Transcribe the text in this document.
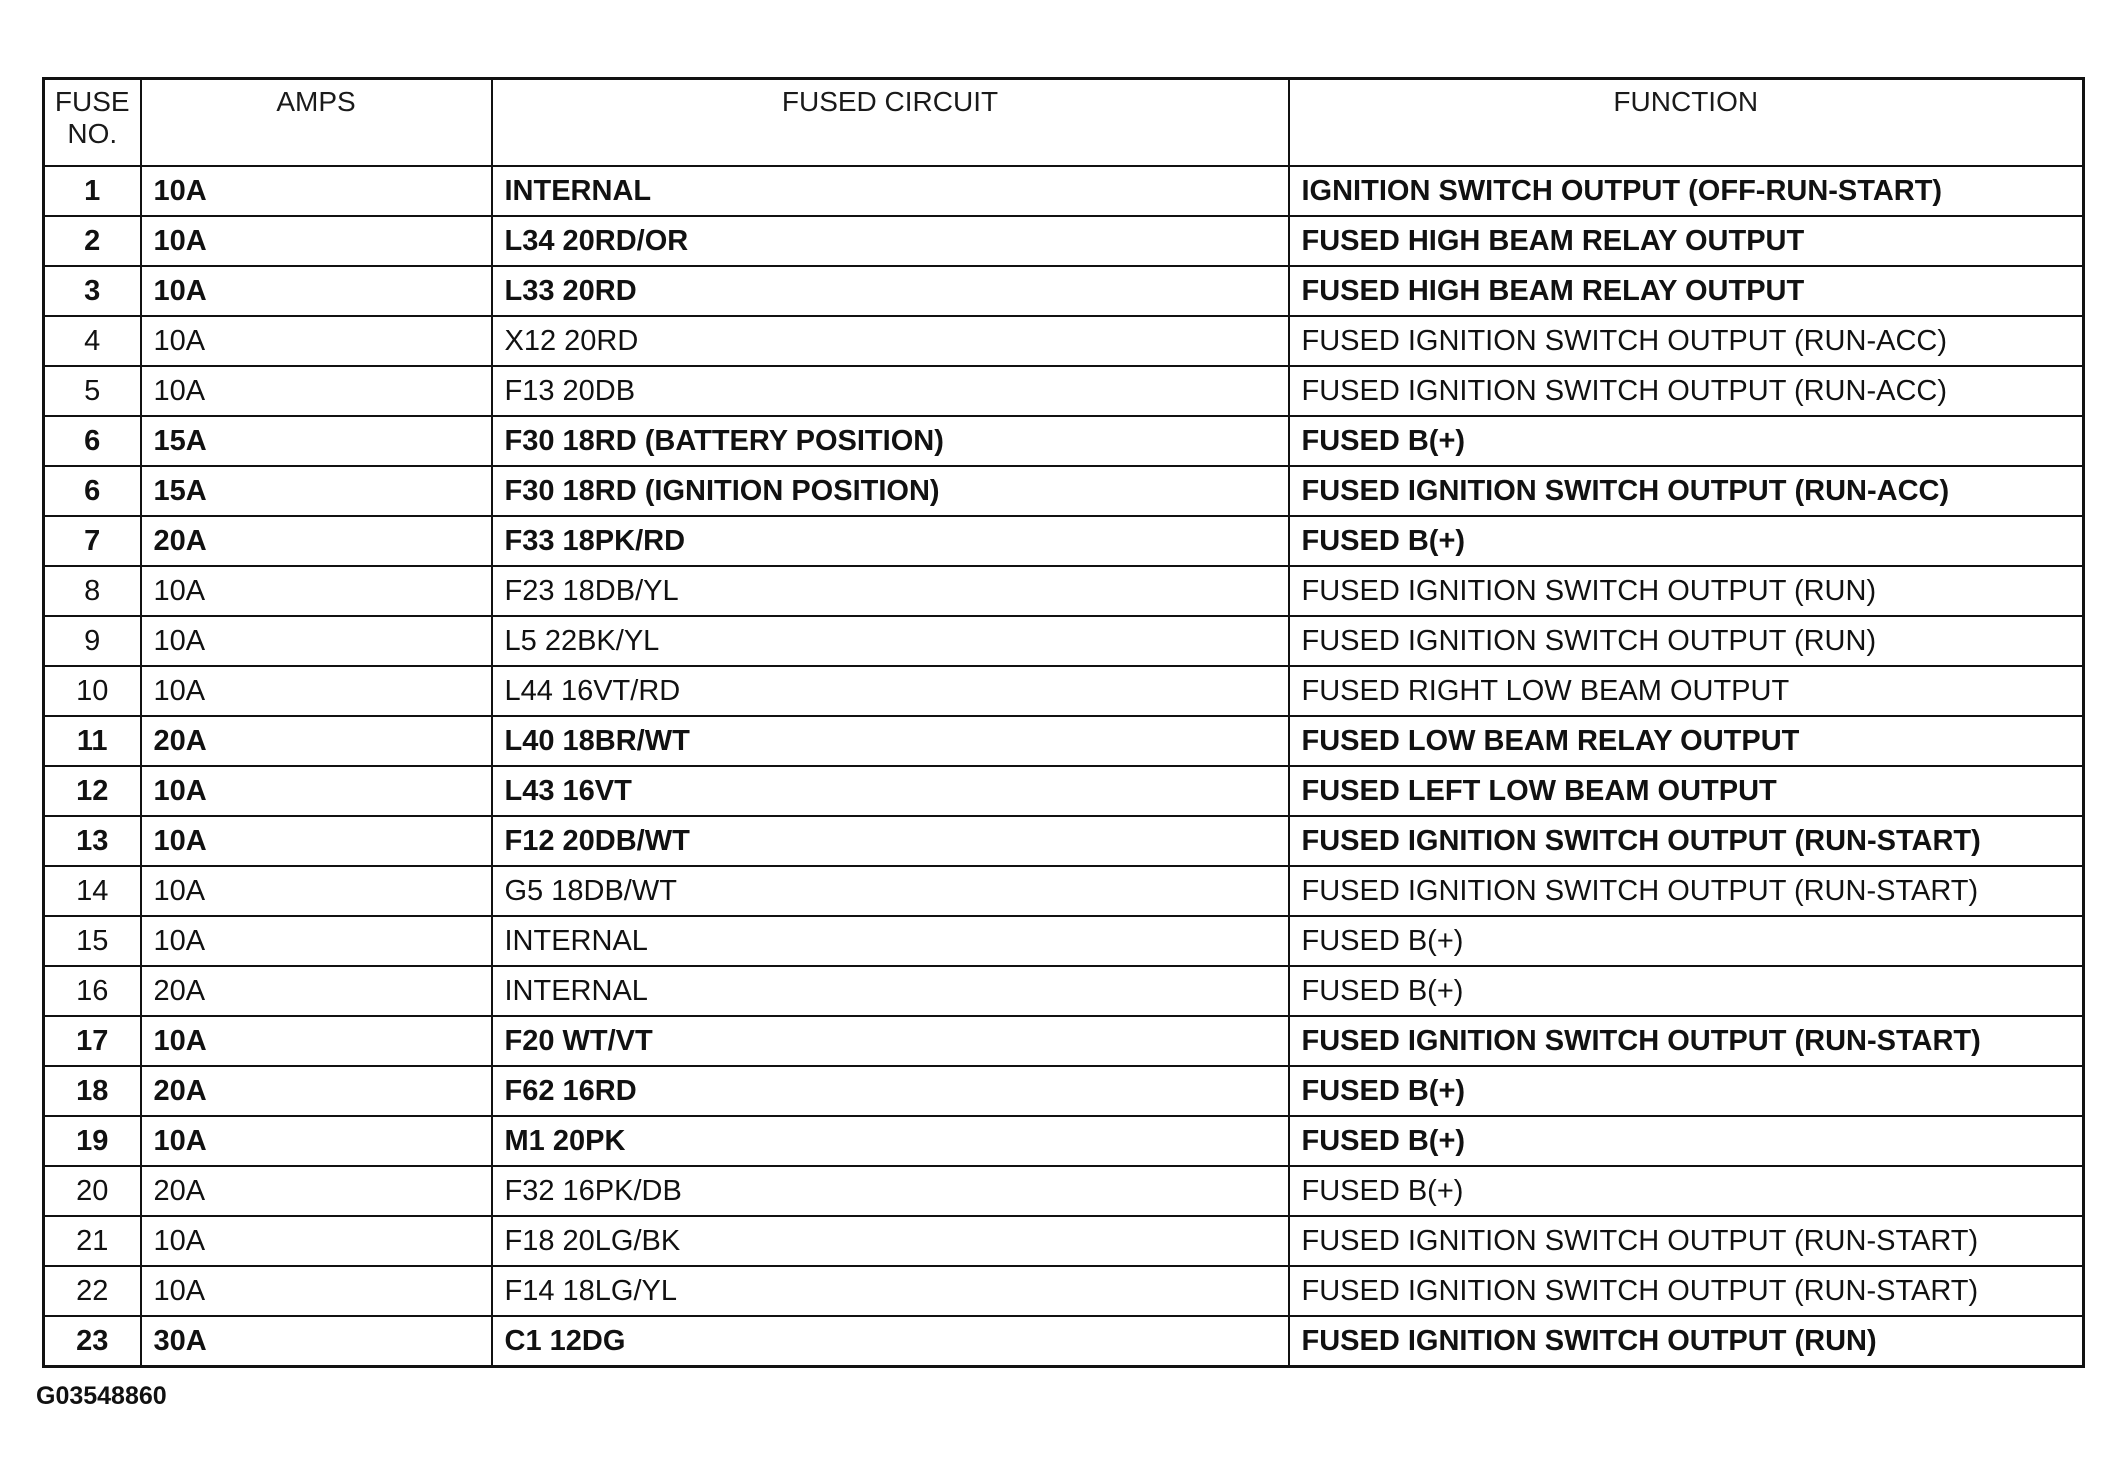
FUSE
NO.	AMPS	FUSED CIRCUIT	FUNCTION
1	10A	INTERNAL	IGNITION SWITCH OUTPUT (OFF-RUN-START)
2	10A	L34 20RD/OR	FUSED HIGH BEAM RELAY OUTPUT
3	10A	L33 20RD	FUSED HIGH BEAM RELAY OUTPUT
4	10A	X12 20RD	FUSED IGNITION SWITCH OUTPUT (RUN-ACC)
5	10A	F13 20DB	FUSED IGNITION SWITCH OUTPUT (RUN-ACC)
6	15A	F30 18RD (BATTERY POSITION)	FUSED B(+)
6	15A	F30 18RD (IGNITION POSITION)	FUSED IGNITION SWITCH OUTPUT (RUN-ACC)
7	20A	F33 18PK/RD	FUSED B(+)
8	10A	F23 18DB/YL	FUSED IGNITION SWITCH OUTPUT (RUN)
9	10A	L5 22BK/YL	FUSED IGNITION SWITCH OUTPUT (RUN)
10	10A	L44 16VT/RD	FUSED RIGHT LOW BEAM OUTPUT
11	20A	L40 18BR/WT	FUSED LOW BEAM RELAY OUTPUT
12	10A	L43 16VT	FUSED LEFT LOW BEAM OUTPUT
13	10A	F12 20DB/WT	FUSED IGNITION SWITCH OUTPUT (RUN-START)
14	10A	G5 18DB/WT	FUSED IGNITION SWITCH OUTPUT (RUN-START)
15	10A	INTERNAL	FUSED B(+)
16	20A	INTERNAL	FUSED B(+)
17	10A	F20 WT/VT	FUSED IGNITION SWITCH OUTPUT (RUN-START)
18	20A	F62 16RD	FUSED B(+)
19	10A	M1 20PK	FUSED B(+)
20	20A	F32 16PK/DB	FUSED B(+)
21	10A	F18 20LG/BK	FUSED IGNITION SWITCH OUTPUT (RUN-START)
22	10A	F14 18LG/YL	FUSED IGNITION SWITCH OUTPUT (RUN-START)
23	30A	C1 12DG	FUSED IGNITION SWITCH OUTPUT (RUN)
G03548860
